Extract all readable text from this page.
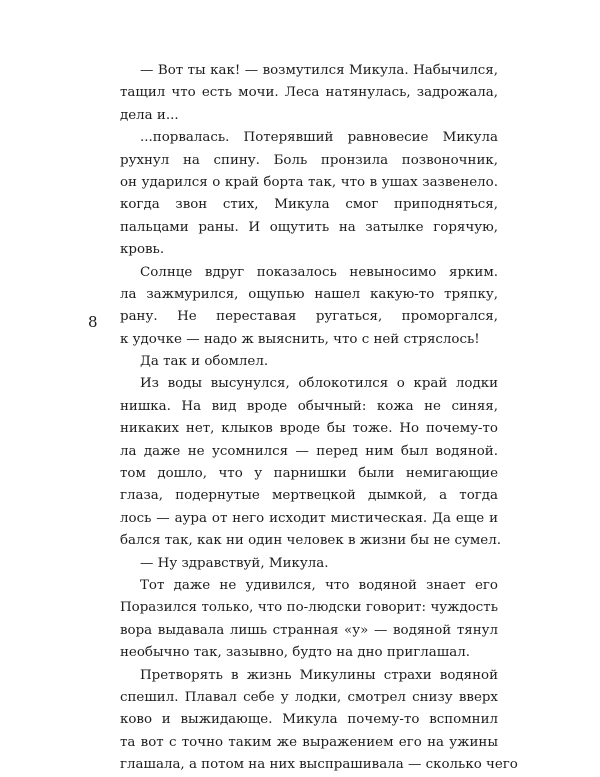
8
— Вот ты как! — возмутился Микула. Набычился,
тащил что есть мочи. Леса натянулась, задрожала,
дела и...
...порвалась. Потерявший равновесие Микула
рухнул на спину. Боль пронзила позвоночник,
он ударился о край борта так, что в ушах зазвенело.
когда звон стих, Микула смог приподняться,
пальцами раны. И ощутить на затылке горячую,
кровь.
Солнце вдруг показалось невыносимо ярким.
ла зажмурился, ощупью нашел какую-то тряпку,
рану. Не переставая ругаться, проморгался,
к удочке — надо ж выяснить, что с ней стряслось!
Да так и обомлел.
Из воды высунулся, облокотился о край лодки
нишка. На вид вроде обычный: кожа не синяя,
никаких нет, клыков вроде бы тоже. Но почему-то
ла даже не усомнился — перед ним был водяной.
том дошло, что у парнишки были немигающие
глаза, подернутые мертвецкой дымкой, а тогда
лось — аура от него исходит мистическая. Да еще и
бался так, как ни один человек в жизни бы не сумел.
— Ну здравствуй, Микула.
Тот даже не удивился, что водяной знает его
Поразился только, что по-людски говорит: чуждость
вора выдавала лишь странная «у» — водяной тянул
необычно так, зазывно, будто на дно приглашал.
Претворять в жизнь Микулины страхи водяной
спешил. Плавал себе у лодки, смотрел снизу вверх
ково и выжидающе. Микула почему-то вспомнил
та вот с точно таким же выражением его на ужины
глашала, а потом на них выспрашивала — сколько чего
